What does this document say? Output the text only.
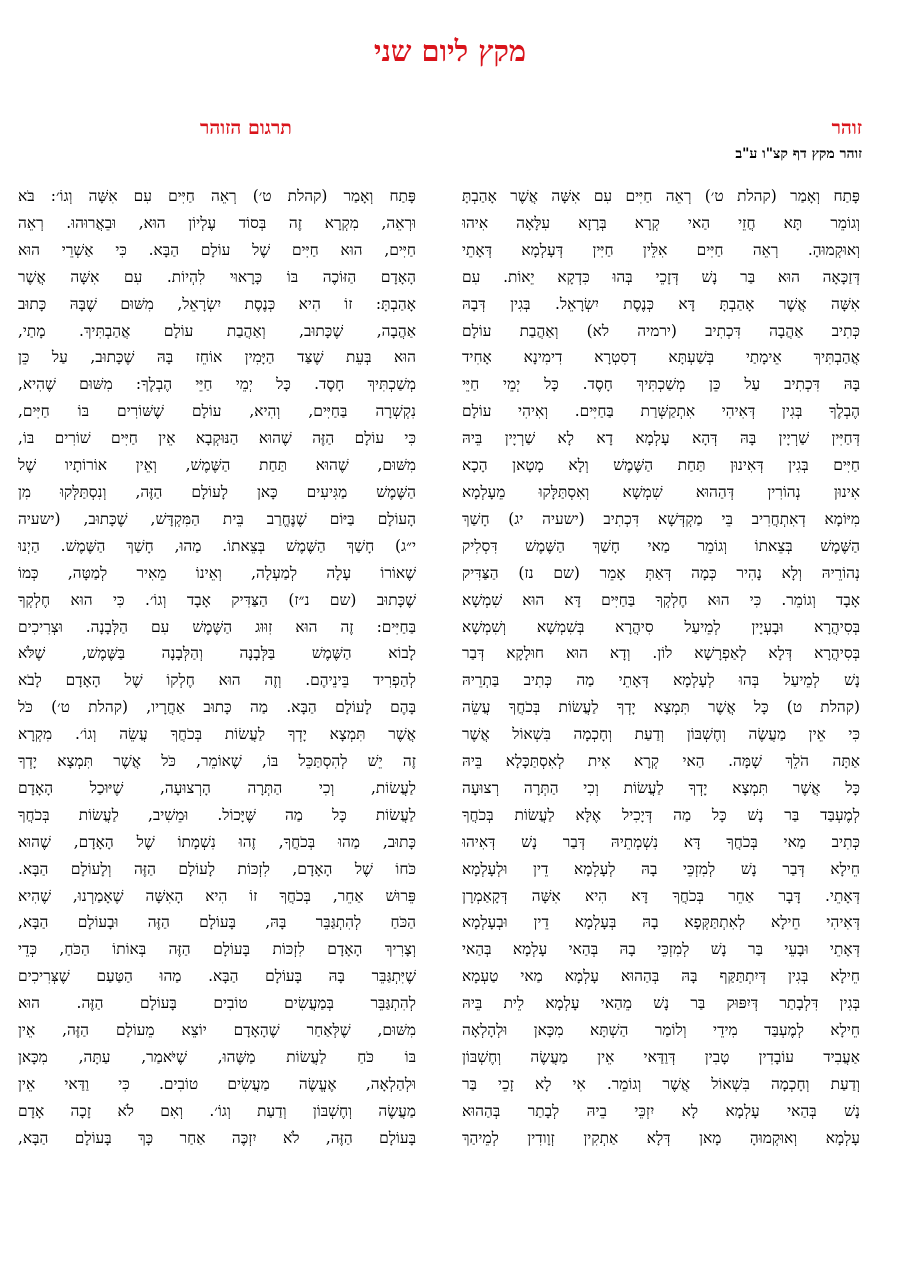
מקץ ליום שני
זוהר
תרגום הזוהר
זוהר מקץ דף קצ"ו ע"ב
פָּתַח וְאָמַר (קהלת ט׳) רְאֵה חַיִּים עִם אִשָּׁה אֲשֶׁר אָהַבְתָּ
וְגוֹמֵר תָּא חֲזֵי הַאי קְרָא בְּרָזָא עִלָּאָה אִיהוּ
וְאוּקְמוּהָ. רְאֵה חַיִּים אִלֵּין חַיִּין דְּעָלְמָא דְּאָתֵי
דְּזַכָּאָה הוּא בַּר נָשׁ דְּזָכֵי בְּהוּ כִּדְקָא יֵאוֹת. עִם
אִשָּׁה אֲשֶׁר אָהַבְתָּ דָּא כְּנֶסֶת יִשְׂרָאֵל. בְּגִין דְּבָהּ
כְּתִיב אַהֲבָה דִּכְתִיב (ירמיה לא) וְאַהֲבַת עוֹלָם
אֲהַבְתִּיךְ אֵימָתַי בְּשַׁעְתָּא דְסִטְרָא דִימִינָא אָחִיד
בָּהּ דִּכְתִיב עַל כֵּן מְשַׁכְתִּיךְ חָסֶד. כָּל יְמֵי חַיֵּי
הֶבְלֶךָ בְּגִין דְּאִיהִי אִתְקַשְּׁרַת בַּחַיִּים. וְאִיהִי עוֹלָם
דְּחַיִּין שַׁרְיָין בָּהּ דְּהָא עָלְמָא דָא לָא שַׁרְיָין בֵּיהּ
חַיִּים בְּגִין דְּאִינוּן תַּחַת הַשֶּׁמֶשׁ וְלָא מָטָאן הָכָא
אִינוּן נְהוֹרִין דְּהַהוּא שִׁמְשָׁא וְאִסְתַּלָּקוּ מֵעָלְמָא
מִיּוֹמָא דְאִתְחֲרִיב בֵּי מַקְדְּשָׁא דִּכְתִיב (ישעיה יג) חָשַׁךְ
הַשֶּׁמֶשׁ בְּצֵאתוֹ וְגוֹמֵר מַאי חָשַׁךְ הַשֶּׁמֶשׁ דִּסְלִיק
נְהוֹרֵיהּ וְלָא נָהִיר כְּמָה דְּאַתְּ אָמֵר (שם נז) הַצַּדִּיק
אָבָד וְגוֹמֵר. כִּי הוּא חֶלְקְךָ בַּחַיִּים דָּא הוּא שִׁמְשָׁא
בְּסִיהֲרָא וּבָעְיָין לְמֵיעַל סִיהֲרָא בְּשִׁמְשָׁא וְשִׁמְשָׁא
בְּסִיהֲרָא דְּלָא לְאַפְרָשָׁא לוֹן. וְדָא הוּא חוּלָקָא דְּבַר
נָשׁ לְמֵיעַל בְּהוּ לְעָלְמָא דְּאָתֵי מַה כְּתִיב בַּתְרֵיהּ
(קהלת ט) כָּל אֲשֶׁר תִּמְצָא יָדְךָ לַעֲשׂוֹת בְּכֹחֲךָ עֲשֵׂה
כִּי אֵין מַעֲשֶׂה וְחֶשְׁבּוֹן וְדַעַת וְחָכְמָה בִּשְׁאוֹל אֲשֶׁר
אַתָּה הֹלֵךְ שָׁמָּה. הַאי קְרָא אִית לְאִסְתַּכָּלָא בֵּיהּ
כָּל אֲשֶׁר תִּמְצָא יָדְךָ לַעֲשׂוֹת וְכִי הַתְּרָה רְצוּעָה
לְמֶעְבַּד בַּר נָשׁ כָּל מַה דְּיָכִיל אֶלָּא לַעֲשׂוֹת בְּכֹחֲךָ
כְּתִיב מַאי בְּכֹחֲךָ דָּא נִשְׁמְתֵיהּ דְּבַר נָשׁ דְּאִיהוּ
חֵילָא דְּבַר נָשׁ לְמִזְכֵּי בָהּ לְעָלְמָא דֵין וּלְעָלְמָא
דְּאָתֵי. דָּבָר אַחֵר בְּכֹחֲךָ דָּא הִיא אִשָּׁה דְּקָאַמְרָן
דְּאִיהִי חֵילָא לְאִתְתַּקְּפָא בָהּ בְּעָלְמָא דֵין וּבְעָלְמָא
דְּאָתֵי וּבָעֵי בַּר נָשׁ לְמִזְכֵּי בָהּ בְּהַאי עָלְמָא בְּהַאי
חֵילָא בְּגִין דְּיִתְתַּקַּף בָּהּ בְּהַהוּא עָלְמָא מַאי טַעְמָא
בְּגִין דִּלְבָתַר דְּיִפּוּק בַּר נָשׁ מֵהַאי עָלְמָא לֵית בֵּיהּ
חֵילָא לְמֶעְבַּד מִידֵי וְלוֹמַר הַשְׁתָּא מִכָּאן וּלְהָלְאָה
אַעֲבִיד עוֹבָדִין טָבִין דְּוַדַּאי אֵין מַעֲשֶׂה וְחֶשְׁבּוֹן
וְדַעַת וְחָכְמָה בִּשְׁאוֹל אֲשֶׁר וְגוֹמֵר. אִי לָא זָכֵי בַּר
נָשׁ בְּהַאי עָלְמָא לָא יִזְכֵּי בֵיהּ לְבָתַר בְּהַהוּא
עָלְמָא וְאוּקְמוּהָ מָאן דְּלָא אַתְקִין זְוָודִין לְמֵיהַךְ
פָּתַח וְאָמַר (קהלת ט׳) רְאֵה חַיִּים עִם אִשָּׁה וְגוֹ׳: בֹּא
וּרְאֵה, מִקְרָא זֶה בְּסוֹד עֶלְיוֹן הוּא, וּבֵאֲרוּהוּ. רְאֵה
חַיִּים, הוּא חַיִּים שֶׁל עוֹלָם הַבָּא. כִּי אַשְׁרֵי הוּא
הָאָדָם הַזּוֹכֶה בּוֹ כָּרָאוּי לִהְיוֹת. עִם אִשָּׁה אֲשֶׁר
אָהַבְתָּ: זוֹ הִיא כְּנֶסֶת יִשְׂרָאֵל, מִשּׁוּם שֶׁבָּהּ כָּתוּב
אַהֲבָה, שֶׁכָּתוּב, וְאַהֲבַת עוֹלָם אֲהַבְתִּיךְ. מָתַי,
הוּא בְּעֵת שֶׁצַּד הַיָּמִין אוֹחֵז בָּהּ שֶׁכָּתוּב, עַל כֵּן
מְשַׁכְתִּיךְ חָסֶד. כָּל יְמֵי חַיֵּי הֶבְלֶךָ: מִשּׁוּם שֶׁהִיא,
נִקְשְׁרָה בַּחַיִּים, וְהִיא, עוֹלָם שֶׁשּׁוֹרִים בּוֹ חַיִּים,
כִּי עוֹלָם הַזֶּה שֶׁהוּא הַנּוּקְבָא אֵין חַיִּים שׁוֹרִים בּוֹ,
מִשּׁוּם, שֶׁהוּא תַּחַת הַשֶּׁמֶשׁ, וְאֵין אוֹרוֹתָיו שֶׁל
הַשֶּׁמֶשׁ מַגִּיעִים כָּאן לָעוֹלָם הַזֶּה, וְנִסְתַּלְּקוּ מִן
הָעוֹלָם בַּיּוֹם שֶׁנֶּחֱרַב בֵּית הַמִּקְדָּשׁ, שֶׁכָּתוּב, (ישעיה
י״ג) חָשַׁךְ הַשֶּׁמֶשׁ בְּצֵאתוֹ. מַהוּ, חָשַׁךְ הַשֶּׁמֶשׁ. הַיְנוּ
שֶׁאוֹרוֹ עָלָה לְמַעְלָה, וְאֵינוֹ מֵאִיר לְמַטָּה, כְּמוֹ
שֶׁכָּתוּב (שם נ״ז) הַצַּדִּיק אָבָד וְגוֹ׳. כִּי הוּא חֶלְקְךָ
בַּחַיִּים: זֶה הוּא זִוּוּג הַשֶּׁמֶשׁ עִם הַלְּבָנָה. וּצְרִיכִים
לָבוֹא הַשֶּׁמֶשׁ בַּלְּבָנָה וְהַלְּבָנָה בַּשֶּׁמֶשׁ, שֶׁלֹּא
לְהַפְרִיד בֵּינֵיהֶם. וְזֶה הוּא חֶלְקוֹ שֶׁל הָאָדָם לָבֹא
בָּהֶם לָעוֹלָם הַבָּא. מַה כָּתוּב אַחֲרָיו, (קהלת ט׳) כֹּל
אֲשֶׁר תִּמְצָא יָדְךָ לַעֲשׂוֹת בְּכֹחֲךָ עֲשֵׂה וְגוֹ׳. מִקְרָא
זֶה יֵשׁ לְהִסְתַּכֵּל בּוֹ, שֶׁאוֹמֵר, כֹּל אֲשֶׁר תִּמְצָא יָדְךָ
לַעֲשׂוֹת, וְכִי הַתְּרָה הָרְצוּעָה, שֶׁיּוּכַל הָאָדָם
לַעֲשׂוֹת כָּל מַה שֶּׁיָּכוֹל. וּמֵשִׁיב, לַעֲשׂוֹת בְּכֹחֲךָ
כָּתוּב, מַהוּ בְּכֹחֲךָ, זֶהוּ נִשְׁמָתוֹ שֶׁל הָאָדָם, שֶׁהוּא
כֹּחוֹ שֶׁל הָאָדָם, לִזְכּוֹת לָעוֹלָם הַזֶּה וְלָעוֹלָם הַבָּא.
פֵּרוּשׁ אַחֵר, בְּכֹחֲךָ זוֹ הִיא הָאִשָּׁה שֶׁאָמַרְנוּ, שֶׁהִיא
הַכֹּחַ לְהִתְגַּבֵּר בָּהּ, בָּעוֹלָם הַזֶּה וּבָעוֹלָם הַבָּא,
וְצָרִיךְ הָאָדָם לִזְכּוֹת בָּעוֹלָם הַזֶּה בְּאוֹתוֹ הַכֹּחַ, כְּדֵי
שֶׁיִּתְגַּבֵּר בָּהּ בָּעוֹלָם הַבָּא. מַהוּ הַטַּעַם שֶׁצְּרִיכִים
לְהִתְגַּבֵּר בְּמַעֲשִׂים טוֹבִים בָּעוֹלָם הַזֶּה. הוּא
מִשּׁוּם, שֶׁלְּאַחַר שֶׁהָאָדָם יוֹצֵא מֵעוֹלָם הַזֶּה, אֵין
בּוֹ כֹּחַ לַעֲשׂוֹת מַשֶּׁהוּ, שֶׁיֹּאמַר, עַתָּה, מִכָּאן
וּלְהַלְאָה, אֶעֱשֶׂה מַעֲשִׂים טוֹבִים. כִּי וַדַּאי אֵין
מַעֲשֶׂה וְחֶשְׁבּוֹן וְדַעַת וְגוֹ׳. וְאִם לֹא זָכָה אָדָם
בָּעוֹלָם הַזֶּה, לֹא יִזְכֶּה אַחַר כָּךְ בָּעוֹלָם הַבָּא,
